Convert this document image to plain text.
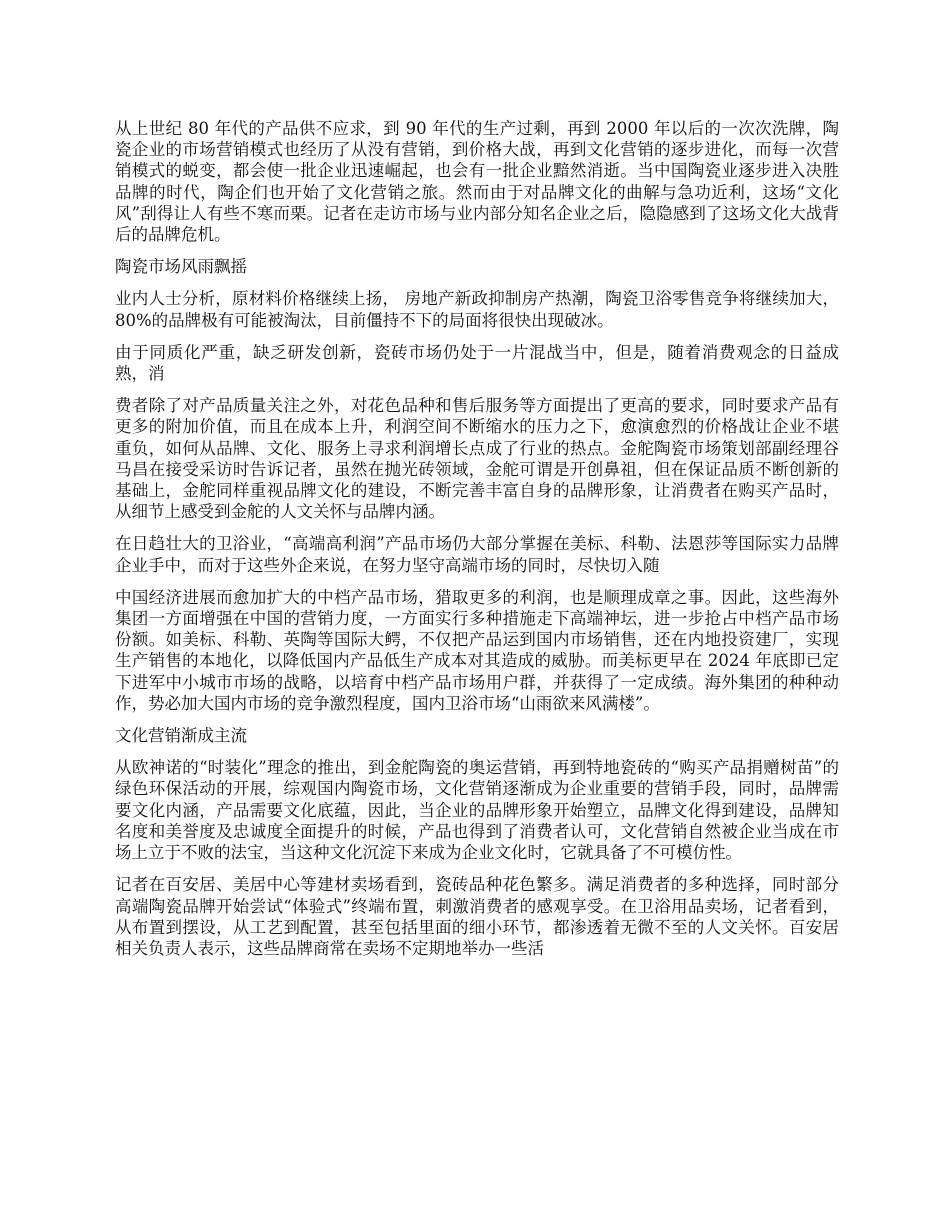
从上世纪 80 年代的产品供不应求，到 90 年代的生产过剩，再到 2000 年以后的一次次洗牌，陶瓷企业的市场营销模式也经历了从没有营销，到价格大战，再到文化营销的逐步进化，而每一次营销模式的蜕变，都会使一批企业迅速崛起，也会有一批企业黯然消逝。当中国陶瓷业逐步进入决胜品牌的时代，陶企们也开始了文化营销之旅。然而由于对品牌文化的曲解与急功近利，这场“文化风”刮得让人有些不寒而栗。记者在走访市场与业内部分知名企业之后，隐隐感到了这场文化大战背后的品牌危机。

陶瓷市场风雨飘摇

业内人士分析，原材料价格继续上扬， 房地产新政抑制房产热潮，陶瓷卫浴零售竞争将继续加大，80%的品牌极有可能被淘汰，目前僵持不下的局面将很快出现破冰。

由于同质化严重，缺乏研发创新，瓷砖市场仍处于一片混战当中，但是，随着消费观念的日益成熟，消

费者除了对产品质量关注之外，对花色品种和售后服务等方面提出了更高的要求，同时要求产品有更多的附加价值，而且在成本上升，利润空间不断缩水的压力之下，愈演愈烈的价格战让企业不堪重负，如何从品牌、文化、服务上寻求利润增长点成了行业的热点。金舵陶瓷市场策划部副经理谷马昌在接受采访时告诉记者，虽然在抛光砖领域，金舵可谓是开创鼻祖，但在保证品质不断创新的基础上，金舵同样重视品牌文化的建设，不断完善丰富自身的品牌形象，让消费者在购买产品时，从细节上感受到金舵的人文关怀与品牌内涵。

在日趋壮大的卫浴业，“高端高利润”产品市场仍大部分掌握在美标、科勒、法恩莎等国际实力品牌企业手中，而对于这些外企来说，在努力坚守高端市场的同时，尽快切入随

中国经济进展而愈加扩大的中档产品市场，猎取更多的利润，也是顺理成章之事。因此，这些海外集团一方面增强在中国的营销力度，一方面实行多种措施走下高端神坛，进一步抢占中档产品市场份额。如美标、科勒、英陶等国际大鳄，不仅把产品运到国内市场销售，还在内地投资建厂，实现生产销售的本地化，以降低国内产品低生产成本对其造成的威胁。而美标更早在 2024 年底即已定下进军中小城市市场的战略，以培育中档产品市场用户群，并获得了一定成绩。海外集团的种种动作，势必加大国内市场的竞争激烈程度，国内卫浴市场“山雨欲来风满楼”。

文化营销渐成主流

从欧神诺的“时装化”理念的推出，到金舵陶瓷的奥运营销，再到特地瓷砖的“购买产品捐赠树苗”的绿色环保活动的开展，综观国内陶瓷市场，文化营销逐渐成为企业重要的营销手段，同时，品牌需要文化内涵，产品需要文化底蕴，因此，当企业的品牌形象开始塑立，品牌文化得到建设，品牌知名度和美誉度及忠诚度全面提升的时候，产品也得到了消费者认可，文化营销自然被企业当成在市场上立于不败的法宝，当这种文化沉淀下来成为企业文化时，它就具备了不可模仿性。

记者在百安居、美居中心等建材卖场看到，瓷砖品种花色繁多。满足消费者的多种选择，同时部分高端陶瓷品牌开始尝试“体验式”终端布置，刺激消费者的感观享受。在卫浴用品卖场，记者看到，从布置到摆设，从工艺到配置，甚至包括里面的细小环节，都渗透着无微不至的人文关怀。百安居相关负责人表示，这些品牌商常在卖场不定期地举办一些活
